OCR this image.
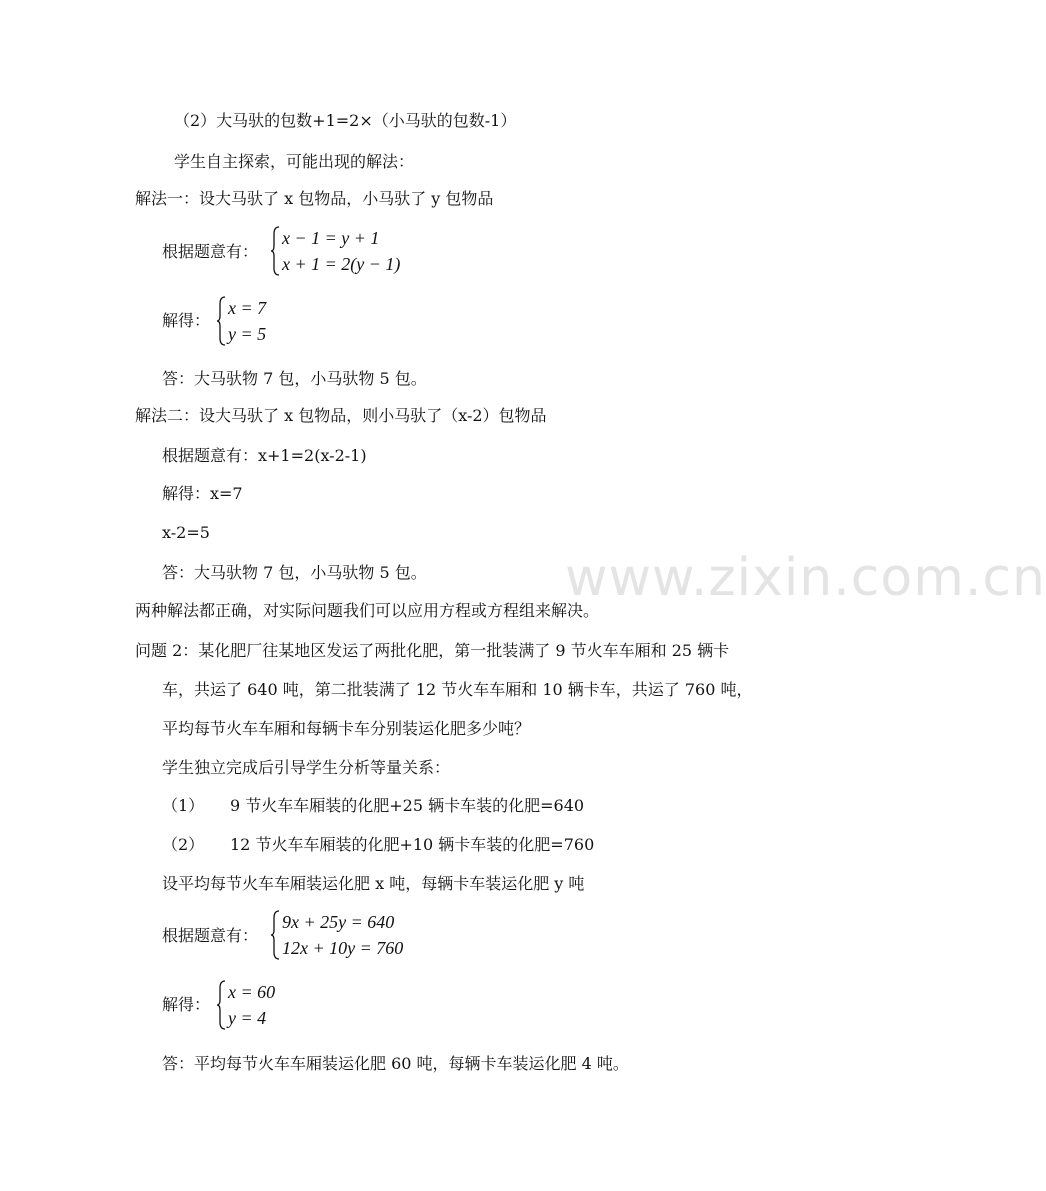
www.zixin.com.cn
（2）大马驮的包数+1=2×（小马驮的包数-1）
学生自主探索，可能出现的解法：
解法一：设大马驮了 x 包物品，小马驮了 y 包物品
根据题意有：
x − 1 = y + 1
x + 1 = 2(y − 1)
解得：
x = 7
y = 5
答：大马驮物 7 包，小马驮物 5 包。
解法二：设大马驮了 x 包物品，则小马驮了（x-2）包物品
根据题意有：x+1=2(x-2-1)
解得：x=7
x-2=5
答：大马驮物 7 包，小马驮物 5 包。
两种解法都正确，对实际问题我们可以应用方程或方程组来解决。
问题 2：某化肥厂往某地区发运了两批化肥，第一批装满了 9 节火车车厢和 25 辆卡
车，共运了 640 吨，第二批装满了 12 节火车车厢和 10 辆卡车，共运了 760 吨，
平均每节火车车厢和每辆卡车分别装运化肥多少吨？
学生独立完成后引导学生分析等量关系：
（1） 9 节火车车厢装的化肥+25 辆卡车装的化肥=640
（2） 12 节火车车厢装的化肥+10 辆卡车装的化肥=760
设平均每节火车车厢装运化肥 x 吨，每辆卡车装运化肥 y 吨
根据题意有：
9x + 25y = 640
12x + 10y = 760
解得：
x = 60
y = 4
答：平均每节火车车厢装运化肥 60 吨，每辆卡车装运化肥 4 吨。
